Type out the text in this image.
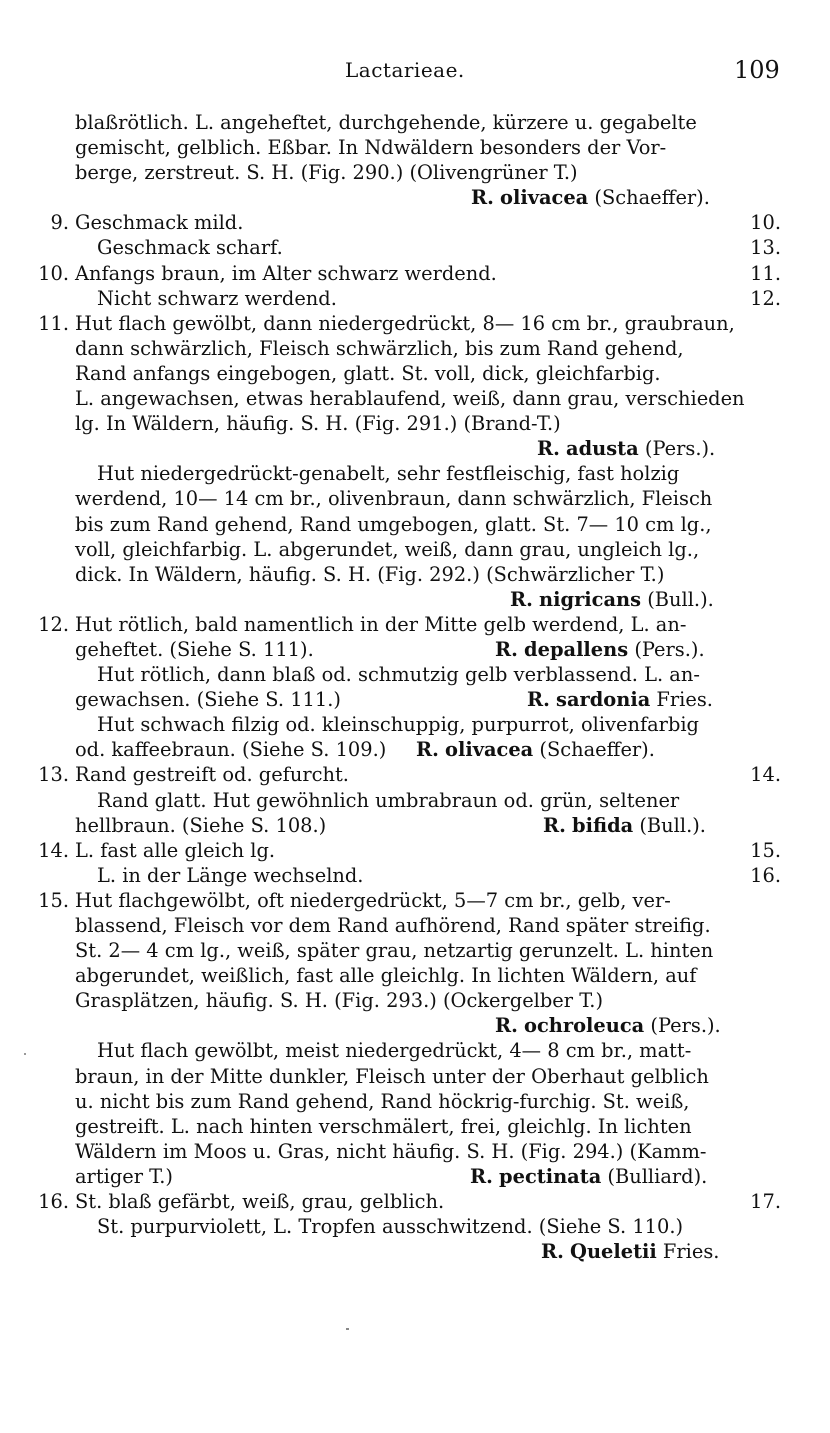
Lactarieae.	109
blaßrötlich. L. angeheftet, durchgehende, kürzere u. gegabelte
gemischt, gelblich. Eßbar. In Ndwäldern besonders der Vor-
berge, zerstreut. S. H. (Fig. 290.) (Olivengrüner T.)
R. olivacea (Schaeffer).
9. Geschmack mild.	10.
Geschmack scharf.	13.
10. Anfangs braun, im Alter schwarz werdend.	11.
Nicht schwarz werdend.	12.
11. Hut flach gewölbt, dann niedergedrückt, 8— 16 cm br., graubraun,
dann schwärzlich, Fleisch schwärzlich, bis zum Rand gehend,
Rand anfangs eingebogen, glatt. St. voll, dick, gleichfarbig.
L. angewachsen, etwas herablaufend, weiß, dann grau, verschieden
lg. In Wäldern, häufig. S. H. (Fig. 291.) (Brand-T.)
R. adusta (Pers.).
Hut niedergedrückt-genabelt, sehr festfleischig, fast holzig
werdend, 10— 14 cm br., olivenbraun, dann schwärzlich, Fleisch
bis zum Rand gehend, Rand umgebogen, glatt. St. 7— 10 cm lg.,
voll, gleichfarbig. L. abgerundet, weiß, dann grau, ungleich lg.,
dick. In Wäldern, häufig. S. H. (Fig. 292.) (Schwärzlicher T.)
R. nigricans (Bull.).
12. Hut rötlich, bald namentlich in der Mitte gelb werdend, L. an-
geheftet. (Siehe S. 111).	R. depallens (Pers.).
Hut rötlich, dann blaß od. schmutzig gelb verblassend. L. an-
gewachsen. (Siehe S. 111.)	R. sardonia Fries.
Hut schwach filzig od. kleinschuppig, purpurrot, olivenfarbig
od. kaffeebraun. (Siehe S. 109.) R. olivacea (Schaeffer).
13. Rand gestreift od. gefurcht.	14.
Rand glatt. Hut gewöhnlich umbrabraun od. grün, seltener
hellbraun. (Siehe S. 108.)	R. bifida (Bull.).
14. L. fast alle gleich lg.	15.
L. in der Länge wechselnd.	16.
15. Hut flachgewölbt, oft niedergedrückt, 5—7 cm br., gelb, ver-
blassend, Fleisch vor dem Rand aufhörend, Rand später streifig.
St. 2— 4 cm lg., weiß, später grau, netzartig gerunzelt. L. hinten
abgerundet, weißlich, fast alle gleichlg. In lichten Wäldern, auf
Grasplätzen, häufig. S. H. (Fig. 293.) (Ockergelber T.)
R. ochroleuca (Pers.).
Hut flach gewölbt, meist niedergedrückt, 4— 8 cm br., matt-
braun, in der Mitte dunkler, Fleisch unter der Oberhaut gelblich
u. nicht bis zum Rand gehend, Rand höckrig-furchig. St. weiß,
gestreift. L. nach hinten verschmälert, frei, gleichlg. In lichten
Wäldern im Moos u. Gras, nicht häufig. S. H. (Fig. 294.) (Kamm-
artiger T.)	R. pectinata (Bulliard).
16. St. blaß gefärbt, weiß, grau, gelblich.	17.
St. purpurviolett, L. Tropfen ausschwitzend. (Siehe S. 110.)
R. Queletii Fries.
